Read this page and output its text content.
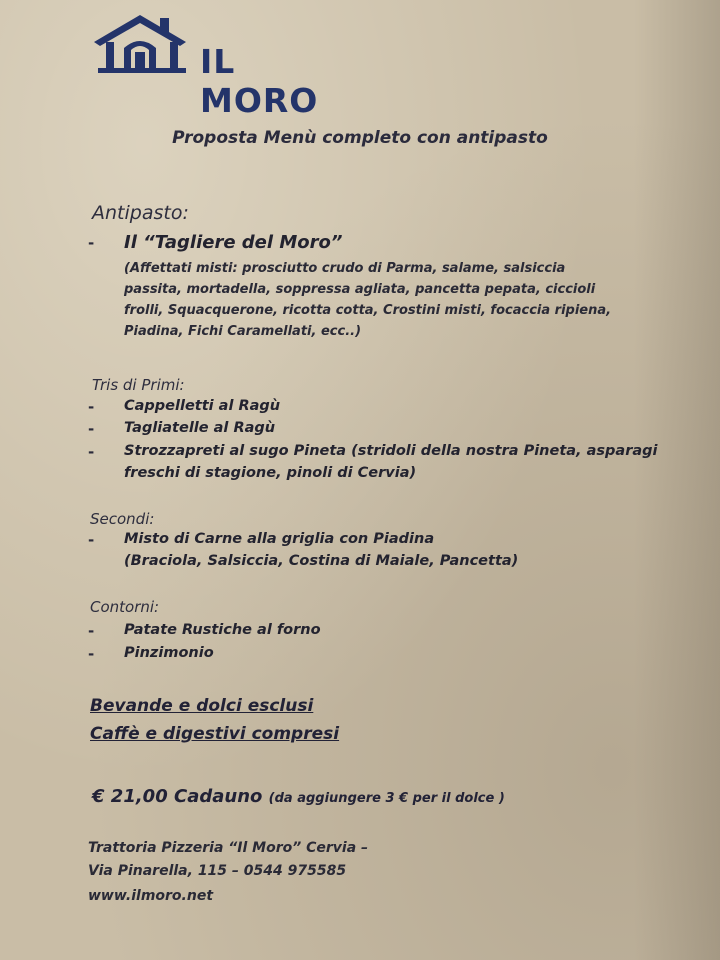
IL MORO
Proposta Menù completo con antipasto
Antipasto:
- Il “Tagliere del Moro”
(Affettati misti: prosciutto crudo di Parma, salame, salsiccia
passita, mortadella, soppressa agliata, pancetta pepata, ciccioli
frolli, Squacquerone, ricotta cotta, Crostini misti, focaccia ripiena,
Piadina, Fichi Caramellati, ecc..)
Tris di Primi:
- Cappelletti al Ragù
- Tagliatelle al Ragù
- Strozzapreti al sugo Pineta (stridoli della nostra Pineta, asparagi
freschi di stagione, pinoli di Cervia)
Secondi:
- Misto di Carne alla griglia con Piadina
(Braciola, Salsiccia, Costina di Maiale, Pancetta)
Contorni:
- Patate Rustiche al forno
- Pinzimonio
Bevande e dolci esclusi
Caffè e digestivi compresi
€ 21,00 Cadauno (da aggiungere 3 € per il dolce )
Trattoria Pizzeria “Il Moro” Cervia –
Via Pinarella, 115 – 0544 975585
www.ilmoro.net
